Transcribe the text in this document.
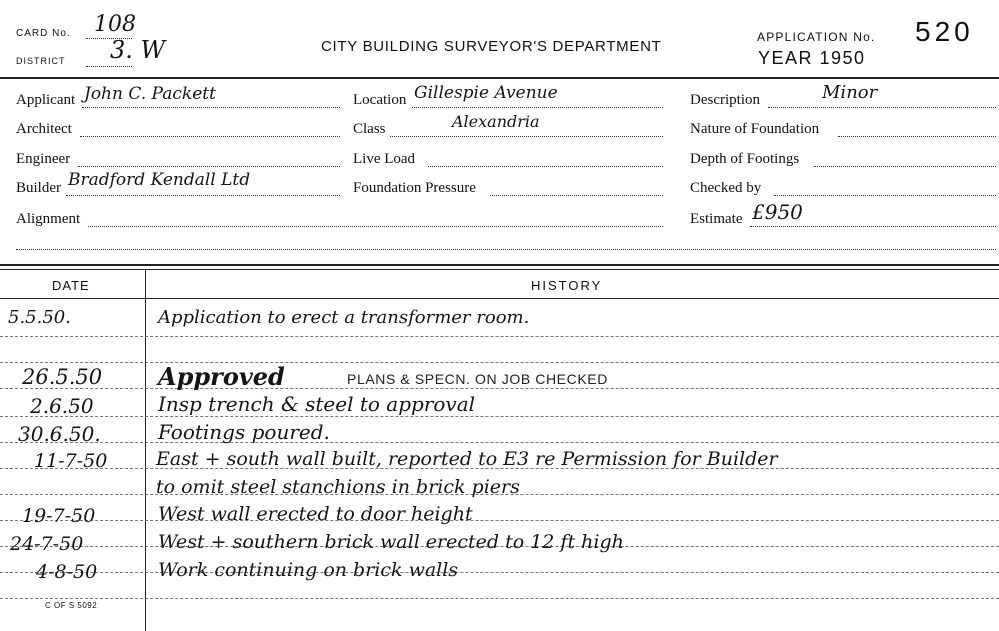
CARD No. 108
DISTRICT 3. W	CITY BUILDING SURVEYOR'S DEPARTMENT
APPLICATION No. 520
YEAR 1950
Applicant John C. Packett
Architect
Engineer
Builder Bradford Kendall Ltd
Alignment
Location Gillespie Avenue
Class	Alexandria
Live Load
Foundation Pressure
Description	Minor
Nature of Foundation
Depth of Footings
Checked by
Estimate £950
DATE	HISTORY
5.5.50.	Application to erect a transformer room.
26.5.50 Approved	PLANS & SPECN. ON JOB CHECKED
2.6.50	Insp trench & steel to approval
30.6.50.	Footings poured.
11-7-50	East + south wall built, reported to E3 re Permission for Builder
to omit steel stanchions in brick piers
19-7-50	West wall erected to door height
24-7-50	West + southern brick wall erected to 12 ft high
4-8-50	Work continuing on brick walls
C OF S 5092
